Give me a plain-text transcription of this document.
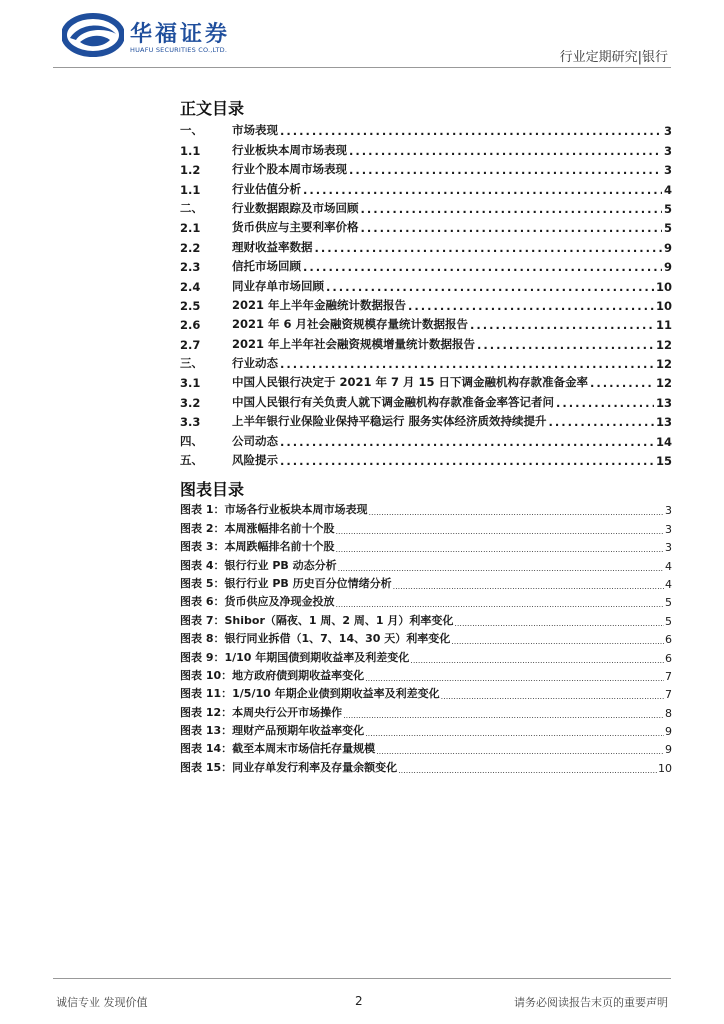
华福证券
HUAFU SECURITIES CO.,LTD.	行业定期研究|银行
正文目录
一、	市场表现 .....	3
1.1	行业板块本周市场表现 .....	3
1.2	行业个股本周市场表现 .....	3
1.1	行业估值分析 .....	4
二、	行业数据跟踪及市场回顾 .....	5
2.1	货币供应与主要利率价格 .....	5
2.2	理财收益率数据 .....	9
2.3	信托市场回顾 .....	9
2.4	同业存单市场回顾 .....	10
2.5	2021 年上半年金融统计数据报告 .....	10
2.6	2021 年 6 月社会融资规模存量统计数据报告 .....	11
2.7	2021 年上半年社会融资规模增量统计数据报告 .....	12
三、	行业动态 .....	12
3.1	中国人民银行决定于 2021 年 7 月 15 日下调金融机构存款准备金率 .....	12
3.2	中国人民银行有关负责人就下调金融机构存款准备金率答记者问 .....	13
3.3	上半年银行业保险业保持平稳运行 服务实体经济质效持续提升 .....	13
四、	公司动态 .....	14
五、	风险提示 .....	15
图表目录
图表 1： 市场各行业板块本周市场表现 .....	3
图表 2： 本周涨幅排名前十个股 .....	3
图表 3： 本周跌幅排名前十个股 .....	3
图表 4： 银行行业 PB 动态分析 .....	4
图表 5： 银行行业 PB 历史百分位情绪分析 .....	4
图表 6： 货币供应及净现金投放 .....	5
图表 7： Shibor（隔夜、1 周、2 周、1 月）利率变化 .....	5
图表 8： 银行同业拆借（1、7、14、30 天）利率变化 .....	6
图表 9： 1/10 年期国债到期收益率及利差变化 .....	6
图表 10： 地方政府债到期收益率变化 .....	7
图表 11： 1/5/10 年期企业债到期收益率及利差变化 .....	7
图表 12： 本周央行公开市场操作 .....	8
图表 13： 理财产品预期年收益率变化 .....	9
图表 14： 截至本周末市场信托存量规模 .....	9
图表 15： 同业存单发行利率及存量余额变化 .....	10
诚信专业 发现价值	2	请务必阅读报告末页的重要声明
